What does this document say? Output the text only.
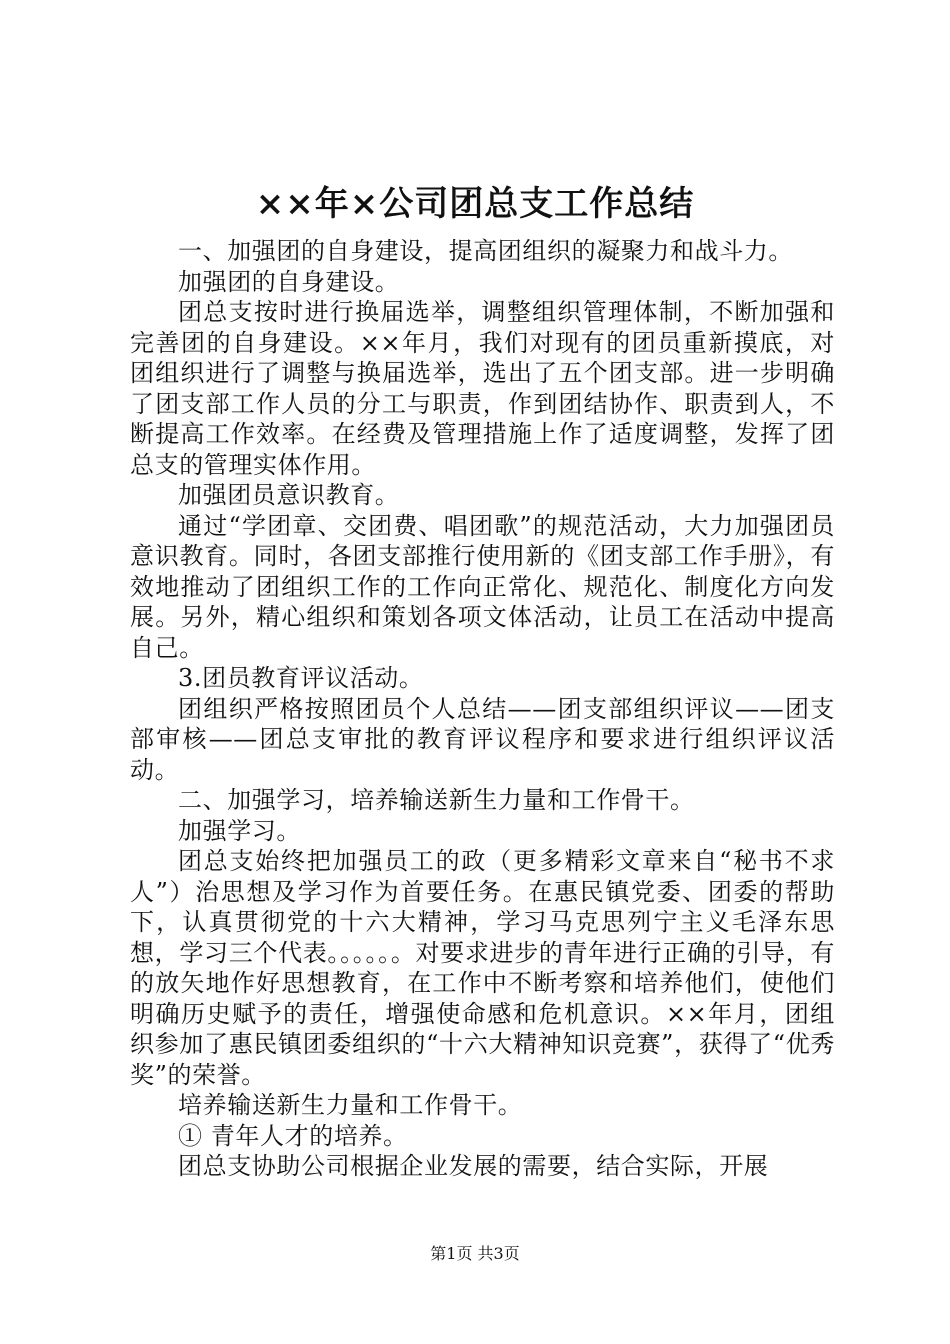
××年×公司团总支工作总结

一、加强团的自身建设，提高团组织的凝聚力和战斗力。

加强团的自身建设。

团总支按时进行换届选举，调整组织管理体制，不断加强和完善团的自身建设。××年月，我们对现有的团员重新摸底，对团组织进行了调整与换届选举，选出了五个团支部。进一步明确了团支部工作人员的分工与职责，作到团结协作、职责到人，不断提高工作效率。在经费及管理措施上作了适度调整，发挥了团总支的管理实体作用。

加强团员意识教育。

通过“学团章、交团费、唱团歌”的规范活动，大力加强团员意识教育。同时，各团支部推行使用新的《团支部工作手册》，有效地推动了团组织工作的工作向正常化、规范化、制度化方向发展。另外，精心组织和策划各项文体活动，让员工在活动中提高自己。

3.团员教育评议活动。

团组织严格按照团员个人总结——团支部组织评议——团支部审核——团总支审批的教育评议程序和要求进行组织评议活动。

二、加强学习，培养输送新生力量和工作骨干。

加强学习。

团总支始终把加强员工的政（更多精彩文章来自“秘书不求人”）治思想及学习作为首要任务。在惠民镇党委、团委的帮助下，认真贯彻党的十六大精神，学习马克思列宁主义毛泽东思想，学习三个代表。。。。。。对要求进步的青年进行正确的引导，有的放矢地作好思想教育，在工作中不断考察和培养他们，使他们明确历史赋予的责任，增强使命感和危机意识。××年月，团组织参加了惠民镇团委组织的“十六大精神知识竞赛”，获得了“优秀奖”的荣誉。

培养输送新生力量和工作骨干。

① 青年人才的培养。

团总支协助公司根据企业发展的需要，结合实际，开展

第1页 共3页
